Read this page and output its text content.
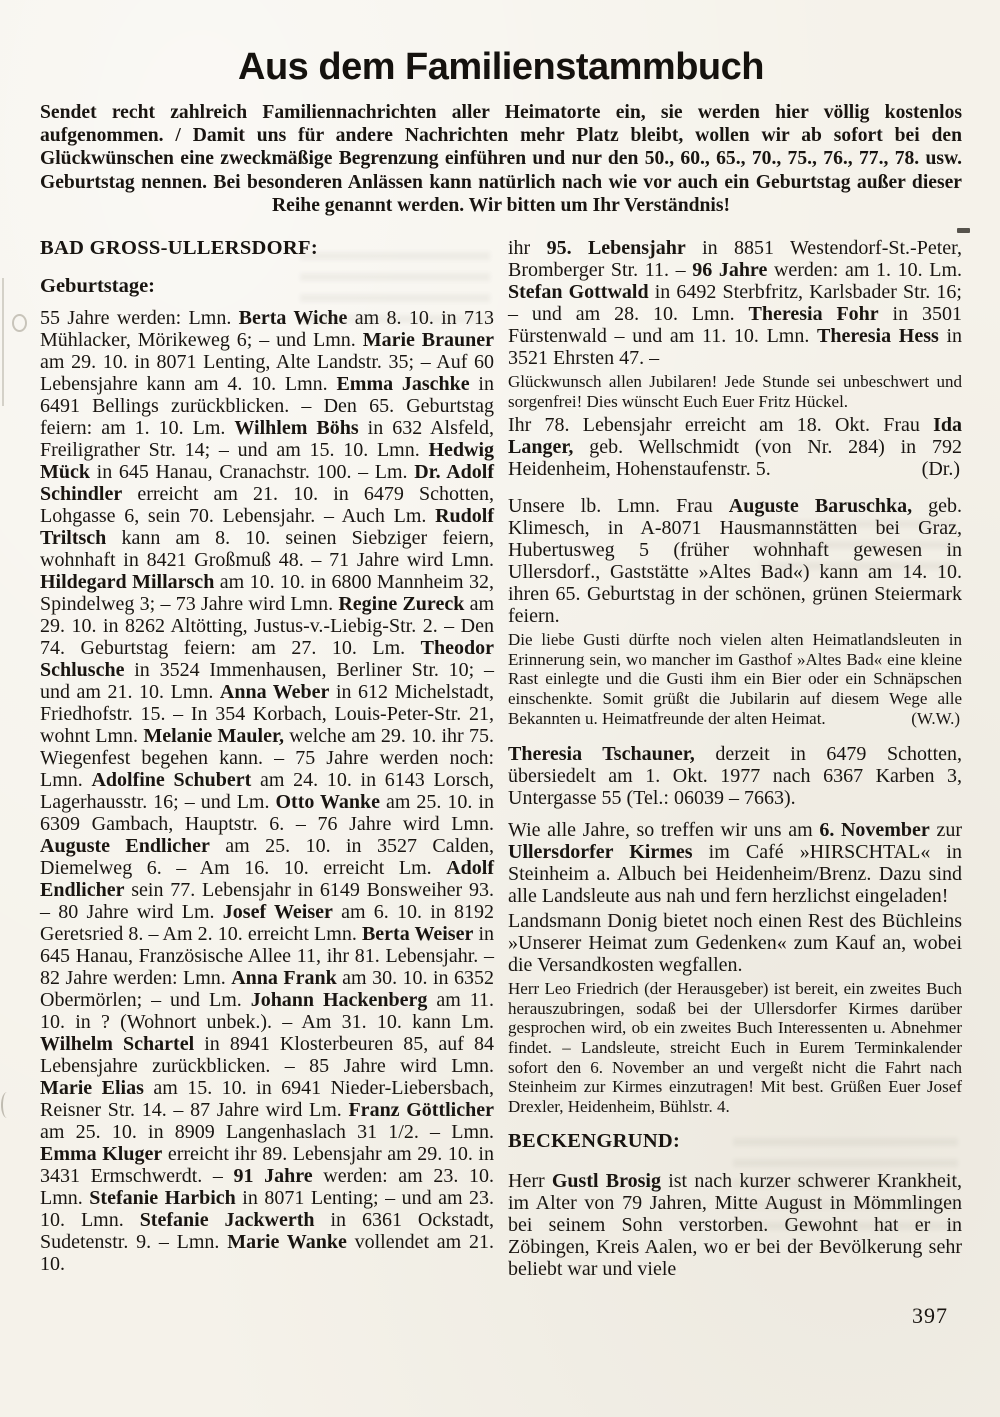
Aus dem Familienstammbuch

Sendet recht zahlreich Familiennachrichten aller Heimatorte ein, sie werden hier völlig kostenlos aufgenommen. / Damit uns für andere Nachrichten mehr Platz bleibt, wollen wir ab sofort bei den Glückwünschen eine zweckmäßige Begrenzung einführen und nur den 50., 60., 65., 70., 75., 76., 77., 78. usw. Geburtstag nennen. Bei besonderen Anlässen kann natürlich nach wie vor auch ein Geburtstag außer dieser Reihe genannt werden. Wir bitten um Ihr Verständnis!

BAD GROSS-ULLERSDORF:
Geburtstage:

55 Jahre werden: Lmn. Berta Wiche am 8. 10. in 713 Mühlacker, Mörikeweg 6; – und Lmn. Marie Brauner am 29. 10. in 8071 Lenting, Alte Landstr. 35; – Auf 60 Lebensjahre kann am 4. 10. Lmn. Emma Jaschke in 6491 Bellings zurückblicken. – Den 65. Geburtstag feiern: am 1. 10. Lm. Wilhlem Böhs in 632 Alsfeld, Freiligrather Str. 14; – und am 15. 10. Lmn. Hedwig Mück in 645 Hanau, Cranachstr. 100. – Lm. Dr. Adolf Schindler erreicht am 21. 10. in 6479 Schotten, Lohgasse 6, sein 70. Lebensjahr. – Auch Lm. Rudolf Triltsch kann am 8. 10. seinen Siebziger feiern, wohnhaft in 8421 Großmuß 48. – 71 Jahre wird Lmn. Hildegard Millarsch am 10. 10. in 6800 Mannheim 32, Spindelweg 3; – 73 Jahre wird Lmn. Regine Zureck am 29. 10. in 8262 Altötting, Justus-v.-Liebig-Str. 2. – Den 74. Geburtstag feiern: am 27. 10. Lm. Theodor Schlusche in 3524 Immenhausen, Berliner Str. 10; – und am 21. 10. Lmn. Anna Weber in 612 Michelstadt, Friedhofstr. 15. – In 354 Korbach, Louis-Peter-Str. 21, wohnt Lmn. Melanie Mauler, welche am 29. 10. ihr 75. Wiegenfest begehen kann. – 75 Jahre werden noch: Lmn. Adolfine Schubert am 24. 10. in 6143 Lorsch, Lagerhausstr. 16; – und Lm. Otto Wanke am 25. 10. in 6309 Gambach, Hauptstr. 6. – 76 Jahre wird Lmn. Auguste Endlicher am 25. 10. in 3527 Calden, Diemelweg 6. – Am 16. 10. erreicht Lm. Adolf Endlicher sein 77. Lebensjahr in 6149 Bonsweiher 93. – 80 Jahre wird Lm. Josef Weiser am 6. 10. in 8192 Geretsried 8. – Am 2. 10. erreicht Lmn. Berta Weiser in 645 Hanau, Französische Allee 11, ihr 81. Lebensjahr. – 82 Jahre werden: Lmn. Anna Frank am 30. 10. in 6352 Obermörlen; – und Lm. Johann Hackenberg am 11. 10. in ? (Wohnort unbek.). – Am 31. 10. kann Lm. Wilhelm Schartel in 8941 Klosterbeuren 85, auf 84 Lebensjahre zurückblicken. – 85 Jahre wird Lmn. Marie Elias am 15. 10. in 6941 Nieder-Liebersbach, Reisner Str. 14. – 87 Jahre wird Lm. Franz Göttlicher am 25. 10. in 8909 Langenhaslach 31 1/2. – Lmn. Emma Kluger erreicht ihr 89. Lebensjahr am 29. 10. in 3431 Ermschwerdt. – 91 Jahre werden: am 23. 10. Lmn. Stefanie Harbich in 8071 Lenting; – und am 23. 10. Lmn. Stefanie Jackwerth in 6361 Ockstadt, Sudetenstr. 9. – Lmn. Marie Wanke vollendet am 21. 10.

ihr 95. Lebensjahr in 8851 Westendorf-St.-Peter, Bromberger Str. 11. – 96 Jahre werden: am 1. 10. Lm. Stefan Gottwald in 6492 Sterbfritz, Karlsbader Str. 16; – und am 28. 10. Lmn. Theresia Fohr in 3501 Fürstenwald – und am 11. 10. Lmn. Theresia Hess in 3521 Ehrsten 47. –

Glückwunsch allen Jubilaren! Jede Stunde sei unbeschwert und sorgenfrei! Dies wünscht Euch Euer Fritz Hückel.

Ihr 78. Lebensjahr erreicht am 18. Okt. Frau Ida Langer, geb. Wellschmidt (von Nr. 284) in 792 Heidenheim, Hohenstaufenstr. 5.	(Dr.)

Unsere lb. Lmn. Frau Auguste Baruschka, geb. Klimesch, in A-8071 Hausmannstätten bei Graz, Hubertusweg 5 (früher wohnhaft gewesen in Ullersdorf., Gaststätte »Altes Bad«) kann am 14. 10. ihren 65. Geburtstag in der schönen, grünen Steiermark feiern.

Die liebe Gusti dürfte noch vielen alten Heimatlandsleuten in Erinnerung sein, wo mancher im Gasthof »Altes Bad« eine kleine Rast einlegte und die Gusti ihm ein Bier oder ein Schnäpschen einschenkte. Somit grüßt die Jubilarin auf diesem Wege alle Bekannten u. Heimatfreunde der alten Heimat.	(W.W.)

Theresia Tschauner, derzeit in 6479 Schotten, übersiedelt am 1. Okt. 1977 nach 6367 Karben 3, Untergasse 55 (Tel.: 06039 – 7663).

Wie alle Jahre, so treffen wir uns am 6. November zur Ullersdorfer Kirmes im Café »HIRSCHTAL« in Steinheim a. Albuch bei Heidenheim/Brenz. Dazu sind alle Landsleute aus nah und fern herzlichst eingeladen!

Landsmann Donig bietet noch einen Rest des Büchleins »Unserer Heimat zum Gedenken« zum Kauf an, wobei die Versandkosten wegfallen.

Herr Leo Friedrich (der Herausgeber) ist bereit, ein zweites Buch herauszubringen, sodaß bei der Ullersdorfer Kirmes darüber gesprochen wird, ob ein zweites Buch Interessenten u. Abnehmer findet. – Landsleute, streicht Euch in Eurem Terminkalender sofort den 6. November an und vergeßt nicht die Fahrt nach Steinheim zur Kirmes einzutragen! Mit best. Grüßen Euer Josef Drexler, Heidenheim, Bühlstr. 4.

BECKENGRUND:

Herr Gustl Brosig ist nach kurzer schwerer Krankheit, im Alter von 79 Jahren, Mitte August in Mömmlingen bei seinem Sohn verstorben. Gewohnt hat er in Zöbingen, Kreis Aalen, wo er bei der Bevölkerung sehr beliebt war und viele

397
